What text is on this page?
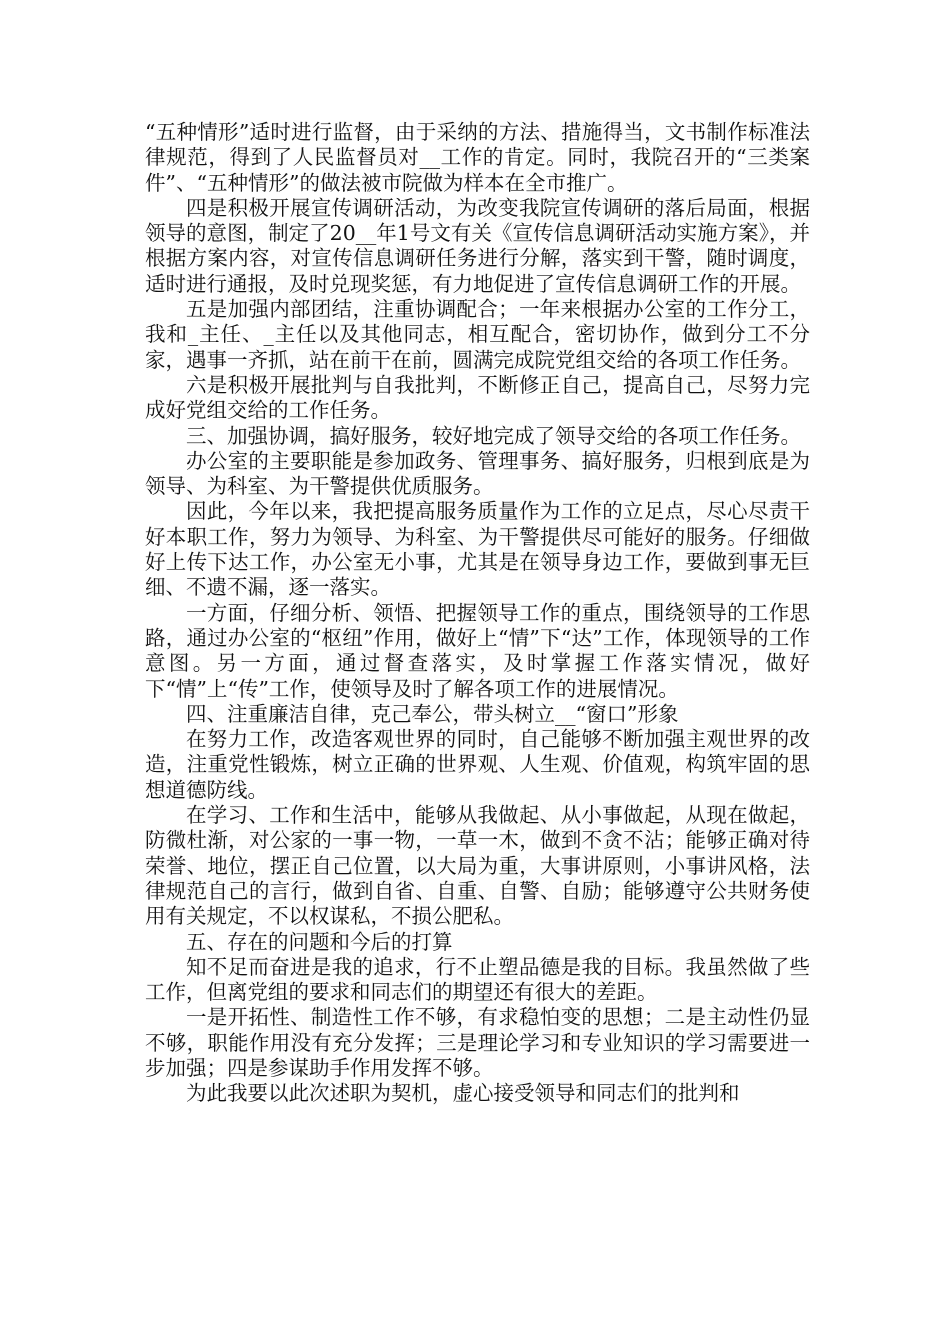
“五种情形”适时进行监督，由于采纳的方法、措施得当，文书制作标准法律规范，得到了人民监督员对__工作的肯定。同时，我院召开的“三类案件”、“五种情形”的做法被市院做为样本在全市推广。

四是积极开展宣传调研活动，为改变我院宣传调研的落后局面，根据领导的意图，制定了20__年1号文有关《宣传信息调研活动实施方案》，并根据方案内容，对宣传信息调研任务进行分解，落实到干警，随时调度，适时进行通报，及时兑现奖惩，有力地促进了宣传信息调研工作的开展。

五是加强内部团结，注重协调配合；一年来根据办公室的工作分工，我和_主任、_主任以及其他同志，相互配合，密切协作，做到分工不分家，遇事一齐抓，站在前干在前，圆满完成院党组交给的各项工作任务。

六是积极开展批判与自我批判，不断修正自己，提高自己，尽努力完成好党组交给的工作任务。

三、加强协调，搞好服务，较好地完成了领导交给的各项工作任务。

办公室的主要职能是参加政务、管理事务、搞好服务，归根到底是为领导、为科室、为干警提供优质服务。

因此，今年以来，我把提高服务质量作为工作的立足点，尽心尽责干好本职工作，努力为领导、为科室、为干警提供尽可能好的服务。仔细做好上传下达工作，办公室无小事，尤其是在领导身边工作，要做到事无巨细、不遗不漏，逐一落实。

一方面，仔细分析、领悟、把握领导工作的重点，围绕领导的工作思路，通过办公室的“枢纽”作用，做好上“情”下“达”工作，体现领导的工作意图。另一方面，通过督查落实，及时掌握工作落实情况，做好下“情”上“传”工作，使领导及时了解各项工作的进展情况。

四、注重廉洁自律，克己奉公，带头树立__“窗口”形象

在努力工作，改造客观世界的同时，自己能够不断加强主观世界的改造，注重党性锻炼，树立正确的世界观、人生观、价值观，构筑牢固的思想道德防线。

在学习、工作和生活中，能够从我做起、从小事做起，从现在做起，防微杜渐，对公家的一事一物，一草一木，做到不贪不沾；能够正确对待荣誉、地位，摆正自己位置，以大局为重，大事讲原则，小事讲风格，法律规范自己的言行，做到自省、自重、自警、自励；能够遵守公共财务使用有关规定，不以权谋私，不损公肥私。

五、存在的问题和今后的打算

知不足而奋进是我的追求，行不止塑品德是我的目标。我虽然做了些工作，但离党组的要求和同志们的期望还有很大的差距。

一是开拓性、制造性工作不够，有求稳怕变的思想；二是主动性仍显不够，职能作用没有充分发挥；三是理论学习和专业知识的学习需要进一步加强；四是参谋助手作用发挥不够。

为此我要以此次述职为契机，虚心接受领导和同志们的批判和
